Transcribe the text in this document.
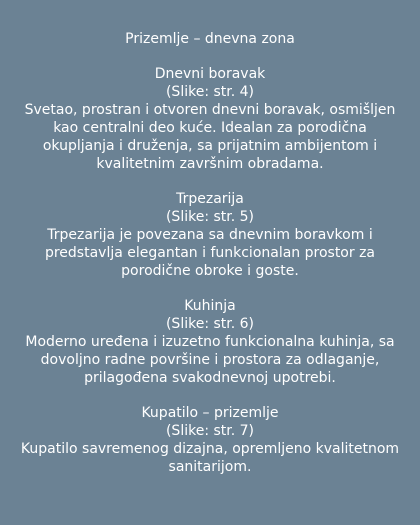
Prizemlje – dnevna zona

Dnevni boravak

(Slike: str. 4)

Svetao, prostran i otvoren dnevni boravak, osmišljen kao centralni deo kuće. Idealan za porodična okupljanja i druženja, sa prijatnim ambijentom i kvalitetnim završnim obradama.

Trpezarija

(Slike: str. 5)

Trpezarija je povezana sa dnevnim boravkom i predstavlja elegantan i funkcionalan prostor za porodične obroke i goste.

Kuhinja

(Slike: str. 6)

Moderno uređena i izuzetno funkcionalna kuhinja, sa dovoljno radne površine i prostora za odlaganje, prilagođena svakodnevnoj upotrebi.

Kupatilo – prizemlje

(Slike: str. 7)

Kupatilo savremenog dizajna, opremljeno kvalitetnom sanitarijom.
